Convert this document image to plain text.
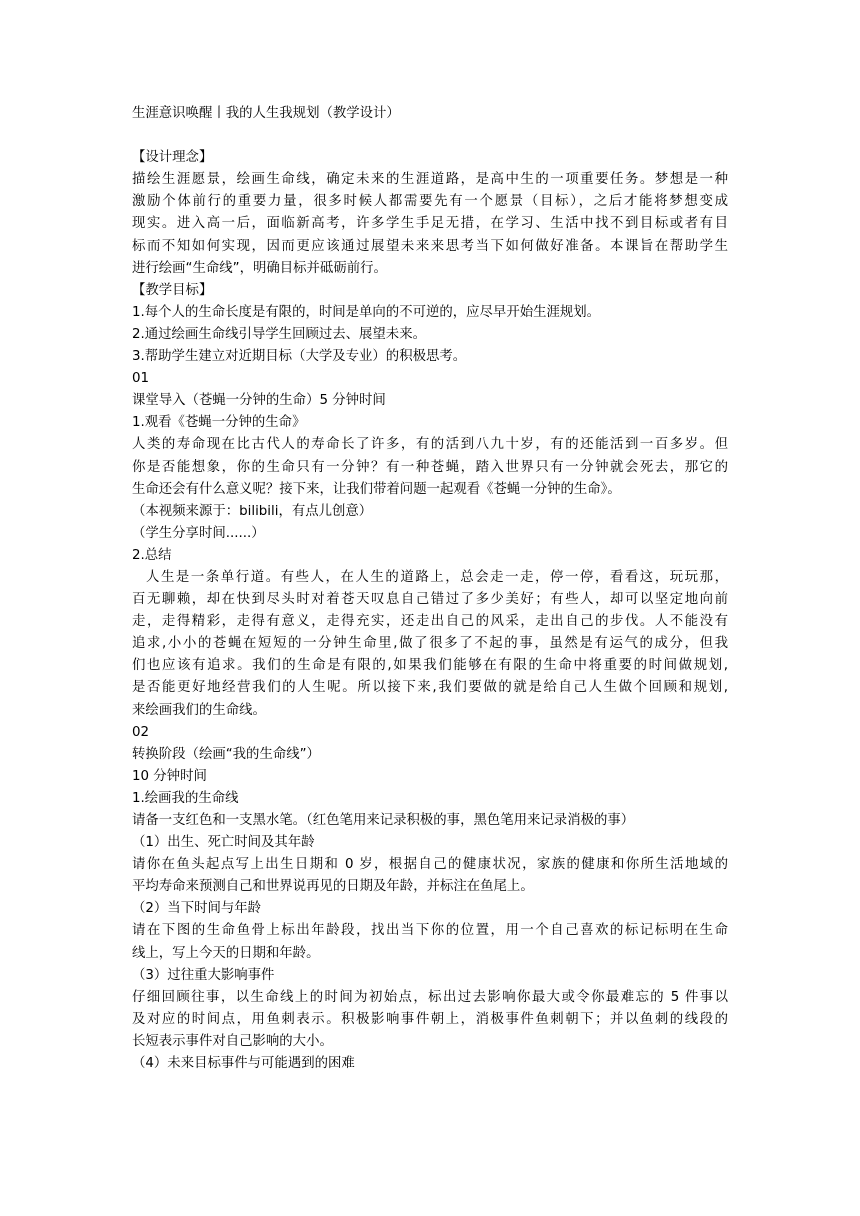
生涯意识唤醒丨我的人生我规划（教学设计）
【设计理念】
描绘生涯愿景，绘画生命线，确定未来的生涯道路，是高中生的一项重要任务。梦想是一种
激励个体前行的重要力量，很多时候人都需要先有一个愿景（目标），之后才能将梦想变成
现实。进入高一后，面临新高考，许多学生手足无措，在学习、生活中找不到目标或者有目
标而不知如何实现，因而更应该通过展望未来来思考当下如何做好准备。本课旨在帮助学生
进行绘画“生命线”，明确目标并砥砺前行。
【教学目标】
1.每个人的生命长度是有限的，时间是单向的不可逆的，应尽早开始生涯规划。
2.通过绘画生命线引导学生回顾过去、展望未来。
3.帮助学生建立对近期目标（大学及专业）的积极思考。
01
课堂导入（苍蝇一分钟的生命）5 分钟时间
1.观看《苍蝇一分钟的生命》
人类的寿命现在比古代人的寿命长了许多，有的活到八九十岁，有的还能活到一百多岁。但
你是否能想象，你的生命只有一分钟？有一种苍蝇，踏入世界只有一分钟就会死去，那它的
生命还会有什么意义呢？接下来，让我们带着问题一起观看《苍蝇一分钟的生命》。
（本视频来源于：bilibili，有点儿创意）
（学生分享时间......）
2.总结
人生是一条单行道。有些人，在人生的道路上，总会走一走，停一停，看看这，玩玩那，
百无聊赖，却在快到尽头时对着苍天叹息自己错过了多少美好；有些人，却可以坚定地向前
走，走得精彩，走得有意义，走得充实，还走出自己的风采，走出自己的步伐。人不能没有
追求,小小的苍蝇在短短的一分钟生命里,做了很多了不起的事，虽然是有运气的成分，但我
们也应该有追求。我们的生命是有限的,如果我们能够在有限的生命中将重要的时间做规划,
是否能更好地经营我们的人生呢。所以接下来,我们要做的就是给自己人生做个回顾和规划,
来绘画我们的生命线。
02
转换阶段（绘画“我的生命线”）
10 分钟时间
1.绘画我的生命线
请备一支红色和一支黑水笔。（红色笔用来记录积极的事，黑色笔用来记录消极的事）
（1）出生、死亡时间及其年龄
请你在鱼头起点写上出生日期和 0 岁，根据自己的健康状况，家族的健康和你所生活地域的
平均寿命来预测自己和世界说再见的日期及年龄，并标注在鱼尾上。
（2）当下时间与年龄
请在下图的生命鱼骨上标出年龄段，找出当下你的位置，用一个自己喜欢的标记标明在生命
线上，写上今天的日期和年龄。
（3）过往重大影响事件
仔细回顾往事，以生命线上的时间为初始点，标出过去影响你最大或令你最难忘的 5 件事以
及对应的时间点，用鱼刺表示。积极影响事件朝上，消极事件鱼刺朝下；并以鱼刺的线段的
长短表示事件对自己影响的大小。
（4）未来目标事件与可能遇到的困难
